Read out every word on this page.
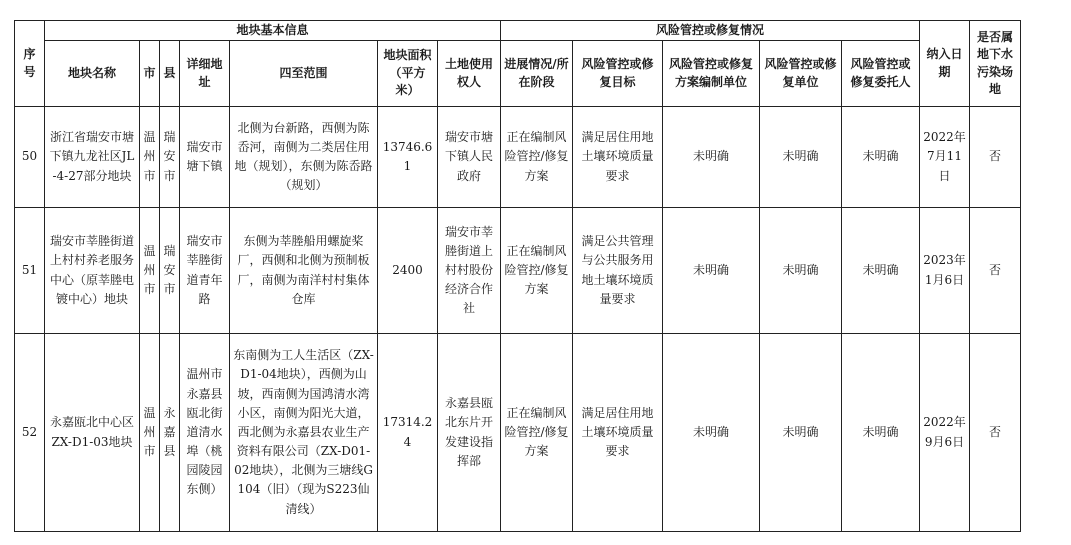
序号	地块基本信息							风险管控或修复情况					纳入日期	是否属地下水污染场地
	地块名称	市	县	详细地址	四至范围	地块面积（平方米）	土地使用权人	进展情况/所在阶段	风险管控或修复目标	风险管控或修复方案编制单位	风险管控或修复单位	风险管控或修复委托人		
50	浙江省瑞安市塘下镇九龙社区JL-4-27部分地块	温州市	瑞安市	瑞安市塘下镇	北侧为台新路，西侧为陈岙河，南侧为二类居住用地（规划），东侧为陈岙路（规划）	13746.61	瑞安市塘下镇人民政府	正在编制风险管控/修复方案	满足居住用地土壤环境质量要求	未明确	未明确	未明确	2022年7月11日	否
51	瑞安市莘塍街道上村村养老服务中心（原莘塍电镀中心）地块	温州市	瑞安市	瑞安市莘塍街道青年路	东侧为莘塍船用螺旋桨厂，西侧和北侧为预制板厂，南侧为南洋村村集体仓库	2400	瑞安市莘塍街道上村村股份经济合作社	正在编制风险管控/修复方案	满足公共管理与公共服务用地土壤环境质量要求	未明确	未明确	未明确	2023年1月6日	否
52	永嘉瓯北中心区ZX-D1-03地块	温州市	永嘉县	温州市永嘉县瓯北街道清水埠（桃园陵园东侧）	东南侧为工人生活区（ZX-D1-04地块），西侧为山坡，西南侧为国鸿清水湾小区，南侧为阳光大道，西北侧为永嘉县农业生产资料有限公司（ZX-D01-02地块），北侧为三塘线G104（旧）（现为S223仙清线）	17314.24	永嘉县瓯北东片开发建设指挥部	正在编制风险管控/修复方案	满足居住用地土壤环境质量要求	未明确	未明确	未明确	2022年9月6日	否
